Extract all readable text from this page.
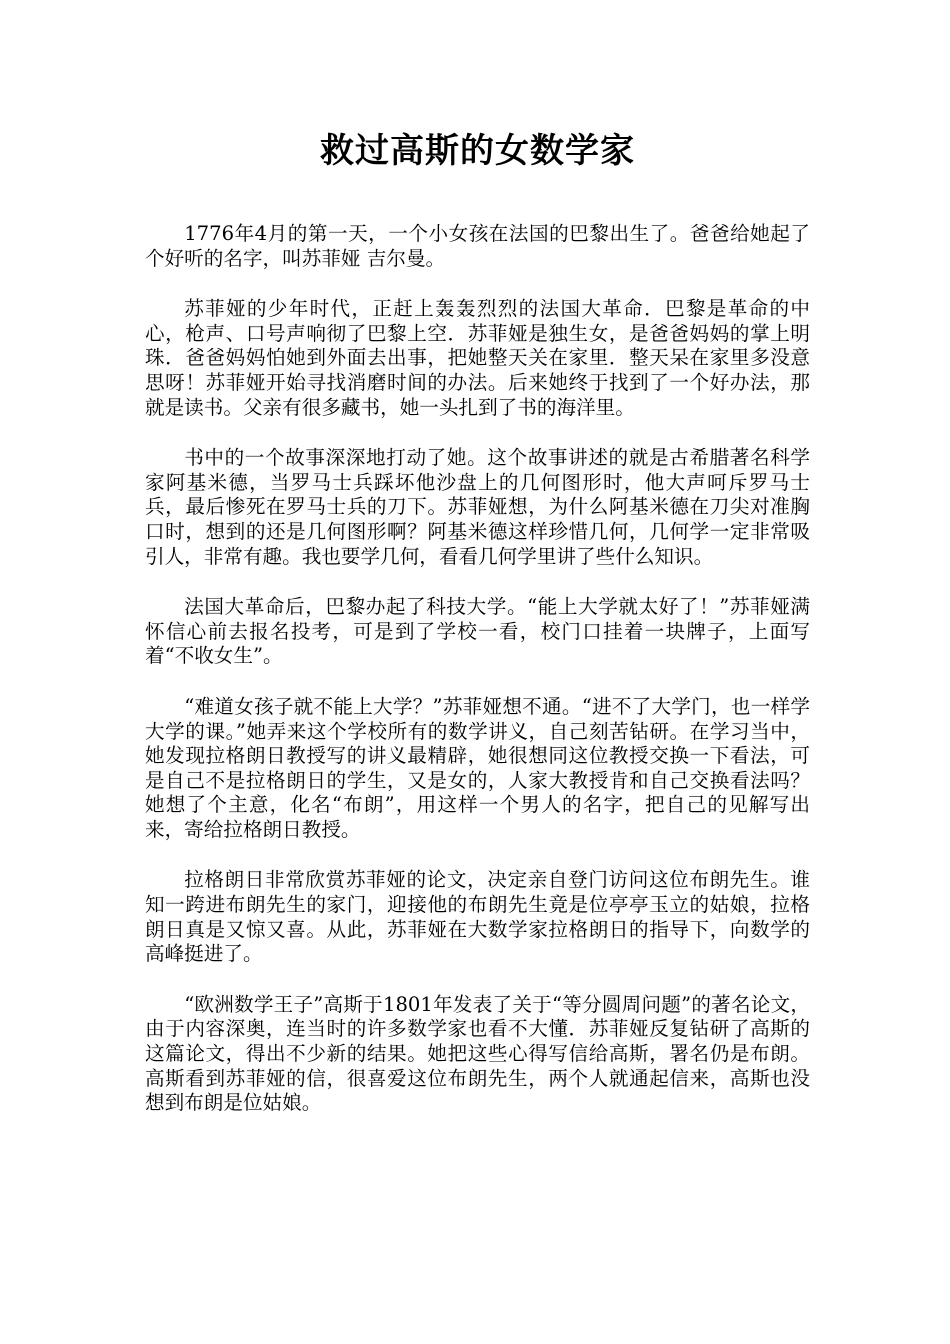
救过高斯的女数学家

1776年4月的第一天，一个小女孩在法国的巴黎出生了。爸爸给她起了个好听的名字，叫苏菲娅 吉尔曼。

苏菲娅的少年时代，正赶上轰轰烈烈的法国大革命．巴黎是革命的中心，枪声、口号声响彻了巴黎上空．苏菲娅是独生女，是爸爸妈妈的掌上明珠．爸爸妈妈怕她到外面去出事，把她整天关在家里．整天呆在家里多没意思呀！苏菲娅开始寻找消磨时间的办法。后来她终于找到了一个好办法，那就是读书。父亲有很多藏书，她一头扎到了书的海洋里。

书中的一个故事深深地打动了她。这个故事讲述的就是古希腊著名科学家阿基米德，当罗马士兵踩坏他沙盘上的几何图形时，他大声呵斥罗马士兵，最后惨死在罗马士兵的刀下。苏菲娅想，为什么阿基米德在刀尖对准胸口时，想到的还是几何图形啊？阿基米德这样珍惜几何，几何学一定非常吸引人，非常有趣。我也要学几何，看看几何学里讲了些什么知识。

法国大革命后，巴黎办起了科技大学。“能上大学就太好了！”苏菲娅满怀信心前去报名投考，可是到了学校一看，校门口挂着一块牌子，上面写着“不收女生”。

“难道女孩子就不能上大学？”苏菲娅想不通。“进不了大学门，也一样学大学的课。”她弄来这个学校所有的数学讲义，自己刻苦钻研。在学习当中，她发现拉格朗日教授写的讲义最精辟，她很想同这位教授交换一下看法，可是自己不是拉格朗日的学生，又是女的，人家大教授肯和自己交换看法吗？她想了个主意，化名“布朗”，用这样一个男人的名字，把自己的见解写出来，寄给拉格朗日教授。

拉格朗日非常欣赏苏菲娅的论文，决定亲自登门访问这位布朗先生。谁知一跨进布朗先生的家门，迎接他的布朗先生竟是位亭亭玉立的姑娘，拉格朗日真是又惊又喜。从此，苏菲娅在大数学家拉格朗日的指导下，向数学的高峰挺进了。

“欧洲数学王子”高斯于1801年发表了关于“等分圆周问题”的著名论文，由于内容深奥，连当时的许多数学家也看不大懂．苏菲娅反复钻研了高斯的这篇论文，得出不少新的结果。她把这些心得写信给高斯，署名仍是布朗。高斯看到苏菲娅的信，很喜爱这位布朗先生，两个人就通起信来，高斯也没想到布朗是位姑娘。
